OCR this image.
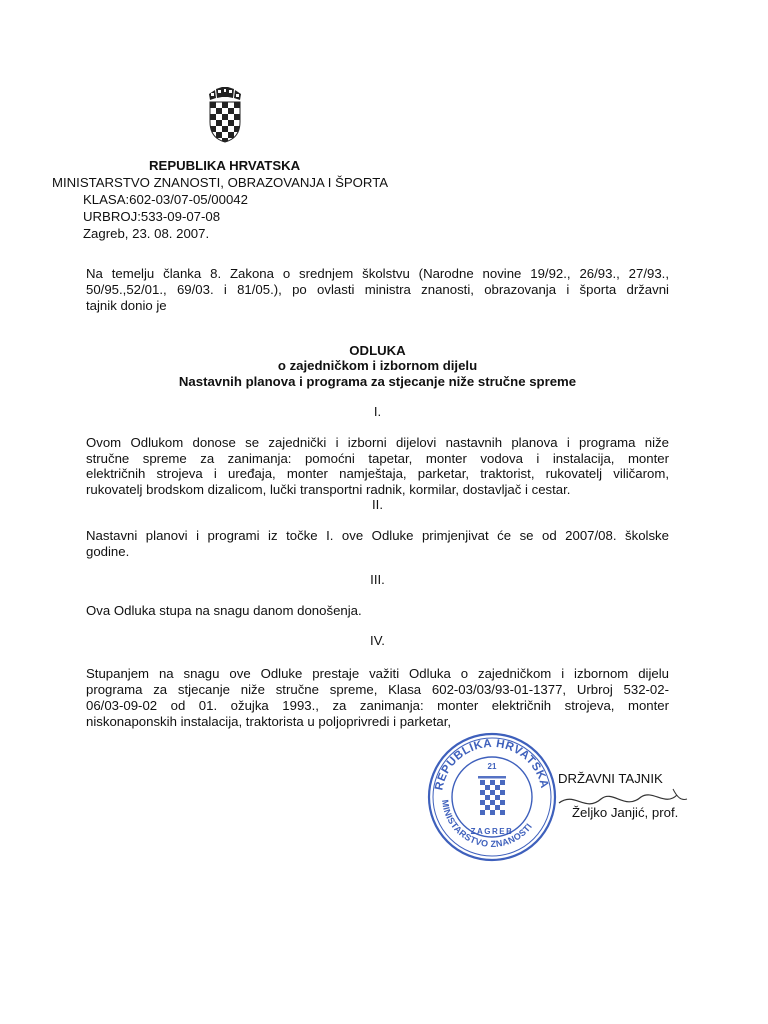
REPUBLIKA HRVATSKA
MINISTARSTVO ZNANOSTI, OBRAZOVANJA I ŠPORTA
KLASA:602-03/07-05/00042
URBROJ:533-09-07-08
Zagreb, 23. 08. 2007.
Na temelju članka 8. Zakona o srednjem školstvu (Narodne novine 19/92., 26/93., 27/93.,
50/95.,52/01., 69/03. i 81/05.), po ovlasti ministra znanosti, obrazovanja i športa državni
tajnik donio je
ODLUKA
o zajedničkom i izbornom dijelu
Nastavnih planova i programa za stjecanje niže stručne spreme
I.
Ovom Odlukom donose se zajednički i izborni dijelovi nastavnih planova i programa niže
stručne spreme za zanimanja: pomoćni tapetar, monter vodova i instalacija, monter
električnih strojeva i uređaja, monter namještaja, parketar, traktorist, rukovatelj viličarom,
rukovatelj brodskom dizalicom, lučki transportni radnik, kormilar, dostavljač i cestar.
II.
Nastavni planovi i programi iz točke I. ove Odluke primjenjivat će se od 2007/08. školske
godine.
III.
Ova Odluka stupa na snagu danom donošenja.
IV.
Stupanjem na snagu ove Odluke prestaje važiti Odluka o zajedničkom i izbornom dijelu
programa za stjecanje niže stručne spreme, Klasa 602-03/03/93-01-1377, Urbroj 532-02-
06/03-09-02 od 01. ožujka 1993., za zanimanja: monter električnih strojeva, monter
niskonaponskih instalacija, traktorista u poljoprivredi i parketar,
REPUBLIKA HRVATSKA
MINISTARSTVO ZNANOSTI
21
ZAGREB
DRŽAVNI TAJNIK
Željko Janjić, prof.
